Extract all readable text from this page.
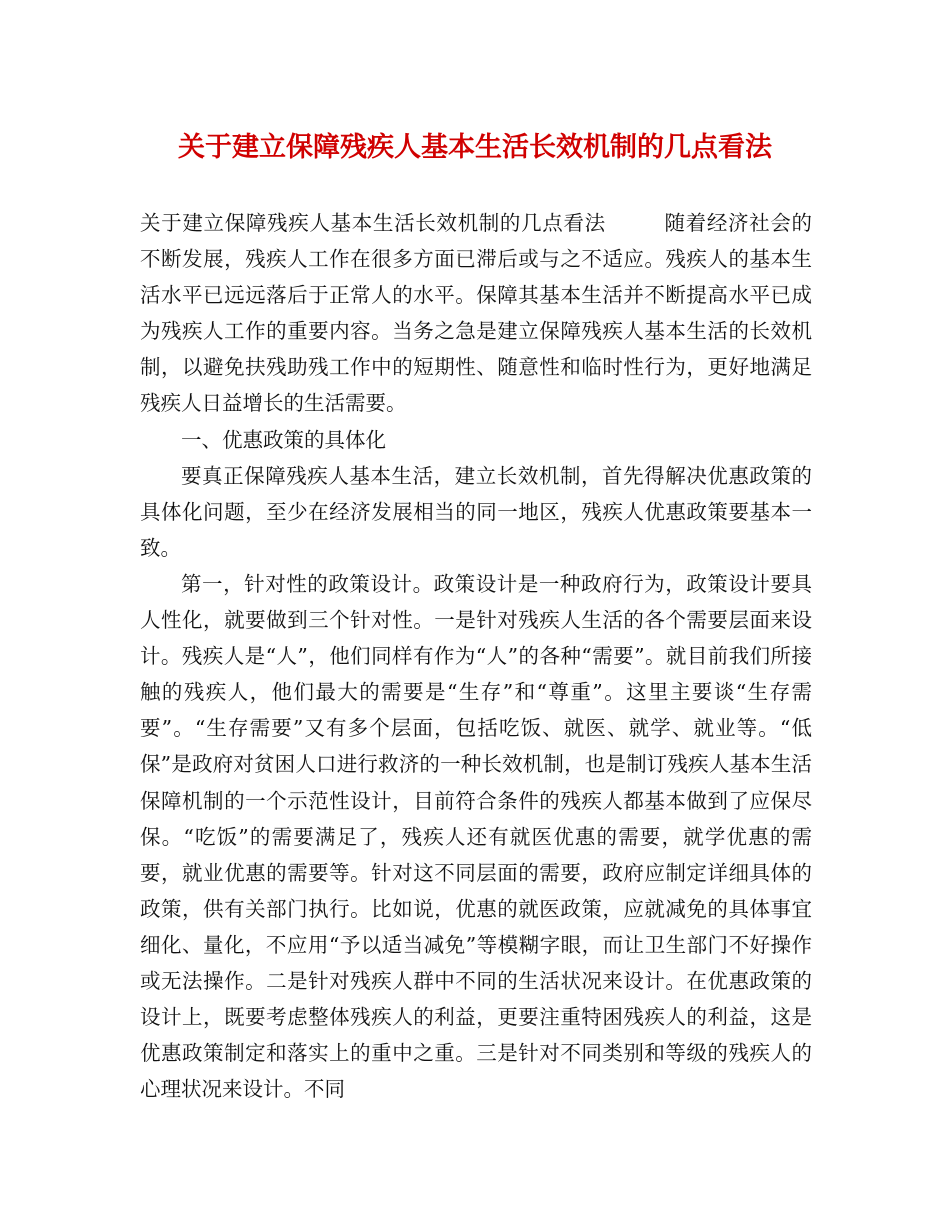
关于建立保障残疾人基本生活长效机制的几点看法

关于建立保障残疾人基本生活长效机制的几点看法	随着经济社会的不断发展，残疾人工作在很多方面已滞后或与之不适应。残疾人的基本生活水平已远远落后于正常人的水平。保障其基本生活并不断提高水平已成为残疾人工作的重要内容。当务之急是建立保障残疾人基本生活的长效机制，以避免扶残助残工作中的短期性、随意性和临时性行为，更好地满足残疾人日益增长的生活需要。

一、优惠政策的具体化

要真正保障残疾人基本生活，建立长效机制，首先得解决优惠政策的具体化问题，至少在经济发展相当的同一地区，残疾人优惠政策要基本一致。

第一，针对性的政策设计。政策设计是一种政府行为，政策设计要具人性化，就要做到三个针对性。一是针对残疾人生活的各个需要层面来设计。残疾人是“人”，他们同样有作为“人”的各种“需要”。就目前我们所接触的残疾人，他们最大的需要是“生存”和“尊重”。这里主要谈“生存需要”。“生存需要”又有多个层面，包括吃饭、就医、就学、就业等。“低保”是政府对贫困人口进行救济的一种长效机制，也是制订残疾人基本生活保障机制的一个示范性设计，目前符合条件的残疾人都基本做到了应保尽保。“吃饭”的需要满足了，残疾人还有就医优惠的需要，就学优惠的需要，就业优惠的需要等。针对这不同层面的需要，政府应制定详细具体的政策，供有关部门执行。比如说，优惠的就医政策，应就减免的具体事宜细化、量化，不应用“予以适当减免”等模糊字眼，而让卫生部门不好操作或无法操作。二是针对残疾人群中不同的生活状况来设计。在优惠政策的设计上，既要考虑整体残疾人的利益，更要注重特困残疾人的利益，这是优惠政策制定和落实上的重中之重。三是针对不同类别和等级的残疾人的心理状况来设计。不同
